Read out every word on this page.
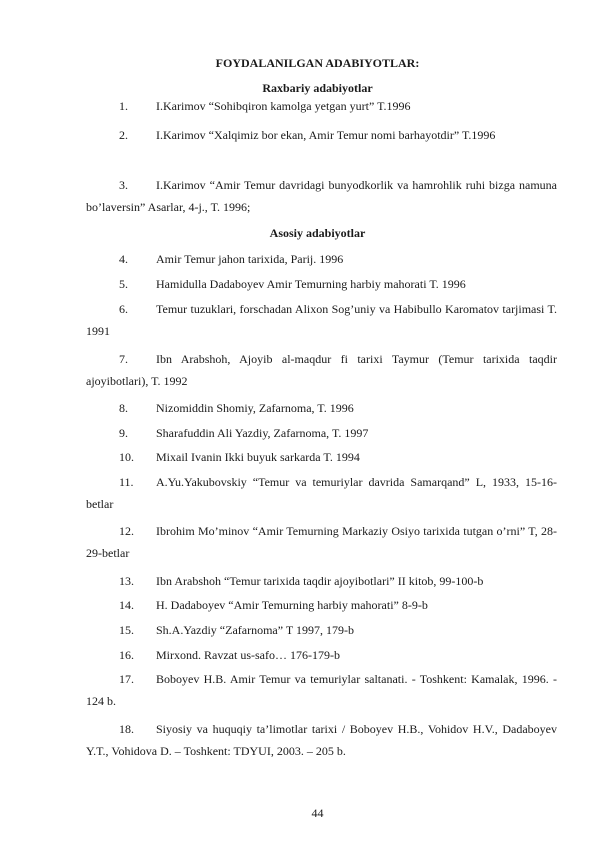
FOYDALANILGAN ADABIYOTLAR:
Raxbariy adabiyotlar
1.	I.Karimov “Sohibqiron kamolga yetgan yurt” T.1996
2.	I.Karimov “Xalqimiz bor ekan, Amir Temur nomi barhayotdir” T.1996
3.	I.Karimov “Amir Temur davridagi bunyodkorlik va hamrohlik ruhi bizga namuna bo’laversin” Asarlar, 4-j., T. 1996;
Asosiy adabiyotlar
4.	Amir Temur jahon tarixida, Parij. 1996
5.	Hamidulla Dadaboyev Amir Temurning harbiy mahorati T. 1996
6.	Temur tuzuklari, forschadan Alixon Sog’uniy va Habibullo Karomatov tarjimasi T. 1991
7.	Ibn Arabshoh, Ajoyib al-maqdur fi tarixi Taymur (Temur tarixida taqdir ajoyibotlari), T. 1992
8.	Nizomiddin Shomiy, Zafarnoma, T. 1996
9.	Sharafuddin Ali Yazdiy, Zafarnoma, T. 1997
10.	Mixail Ivanin Ikki buyuk sarkarda T. 1994
11.	A.Yu.Yakubovskiy “Temur va temuriylar davrida Samarqand” L, 1933, 15-16-betlar
12.	Ibrohim Mo’minov “Amir Temurning Markaziy Osiyo tarixida tutgan o’rni” T, 28-29-betlar
13.	Ibn Arabshoh “Temur tarixida taqdir ajoyibotlari” II kitob, 99-100-b
14.	H. Dadaboyev “Amir Temurning harbiy mahorati” 8-9-b
15.	Sh.A.Yazdiy “Zafarnoma” T 1997, 179-b
16.	Mirxond. Ravzat us-safo… 176-179-b
17.	Boboyev H.B. Amir Temur va temuriylar saltanati. - Toshkent: Kamalak, 1996. - 124 b.
18.	Siyosiy va huquqiy ta’limotlar tarixi / Boboyev H.B., Vohidov H.V., Dadaboyev Y.T., Vohidova D. – Toshkent: TDYUI, 2003. – 205 b.
44
